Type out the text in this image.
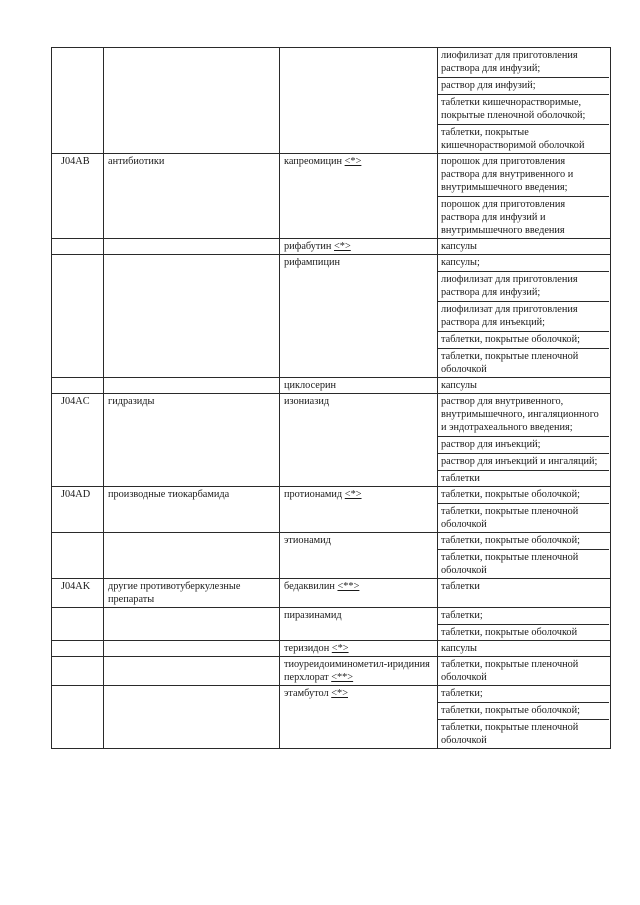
			лиофилизат для приготовления раствора для инфузий;
раствор для инфузий;
таблетки кишечнорастворимые, покрытые пленочной оболочкой;
таблетки, покрытые кишечнорастворимой оболочкой

J04AB	антибиотики	капреомицин <*>	порошок для приготовления раствора для внутривенного и внутримышечного введения;
порошок для приготовления раствора для инфузий и внутримышечного введения

		рифабутин <*>	капсулы

		рифампицин	капсулы;
лиофилизат для приготовления раствора для инфузий;
лиофилизат для приготовления раствора для инъекций;
таблетки, покрытые оболочкой;
таблетки, покрытые пленочной оболочкой

		циклосерин	капсулы

J04AC	гидразиды	изониазид	раствор для внутривенного, внутримышечного, ингаляционного и эндотрахеального введения;
раствор для инъекций;
раствор для инъекций и ингаляций;
таблетки

J04AD	производные тиокарбамида	протионамид <*>	таблетки, покрытые оболочкой;
таблетки, покрытые пленочной оболочкой

		этионамид	таблетки, покрытые оболочкой;
таблетки, покрытые пленочной оболочкой

J04AK	другие противотуберкулезные препараты	бедаквилин <**>	таблетки

		пиразинамид	таблетки;
таблетки, покрытые оболочкой

		теризидон <*>	капсулы

		тиоуреидоиминометил-иридиния перхлорат <**>	таблетки, покрытые пленочной оболочкой

		этамбутол <*>	таблетки;
таблетки, покрытые оболочкой;
таблетки, покрытые пленочной оболочкой
